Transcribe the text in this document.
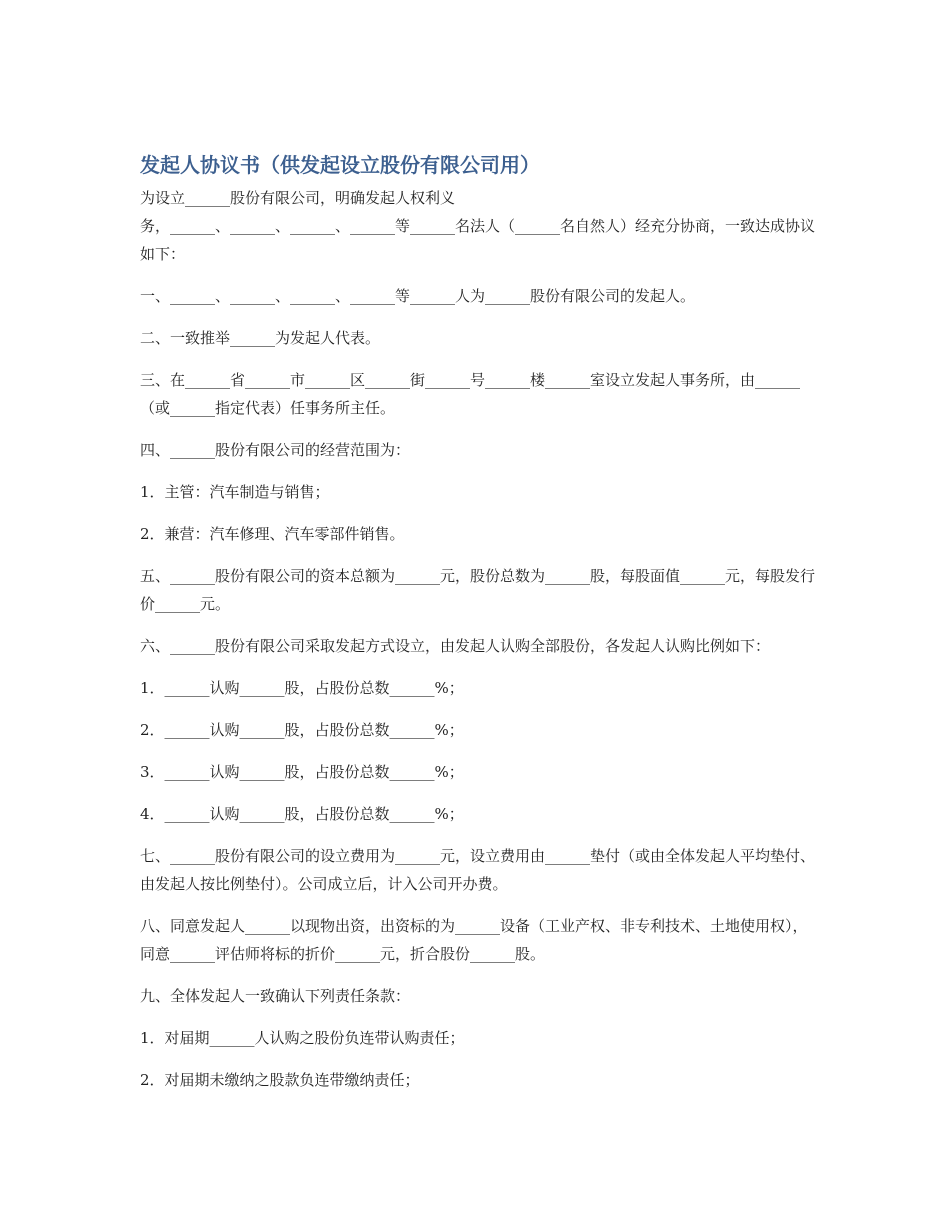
发起人协议书（供发起设立股份有限公司用）

为设立______股份有限公司，明确发起人权利义
务，______、______、______、______等______名法人（______名自然人）经充分协商，一致达成协议如下：

一、______、______、______、______等______人为______股份有限公司的发起人。

二、一致推举______为发起人代表。

三、在______省______市______区______街______号______楼______室设立发起人事务所，由______（或______指定代表）任事务所主任。

四、______股份有限公司的经营范围为：

1．主管：汽车制造与销售；

2．兼营：汽车修理、汽车零部件销售。

五、______股份有限公司的资本总额为______元，股份总数为______股，每股面值______元，每股发行价______元。

六、______股份有限公司采取发起方式设立，由发起人认购全部股份，各发起人认购比例如下：

1．______认购______股，占股份总数______%；

2．______认购______股，占股份总数______%；

3．______认购______股，占股份总数______%；

4．______认购______股，占股份总数______%；

七、______股份有限公司的设立费用为______元，设立费用由______垫付（或由全体发起人平均垫付、由发起人按比例垫付）。公司成立后，计入公司开办费。

八、同意发起人______以现物出资，出资标的为______设备（工业产权、非专利技术、土地使用权），同意______评估师将标的折价______元，折合股份______股。

九、全体发起人一致确认下列责任条款：

1．对届期______人认购之股份负连带认购责任；

2．对届期未缴纳之股款负连带缴纳责任；
